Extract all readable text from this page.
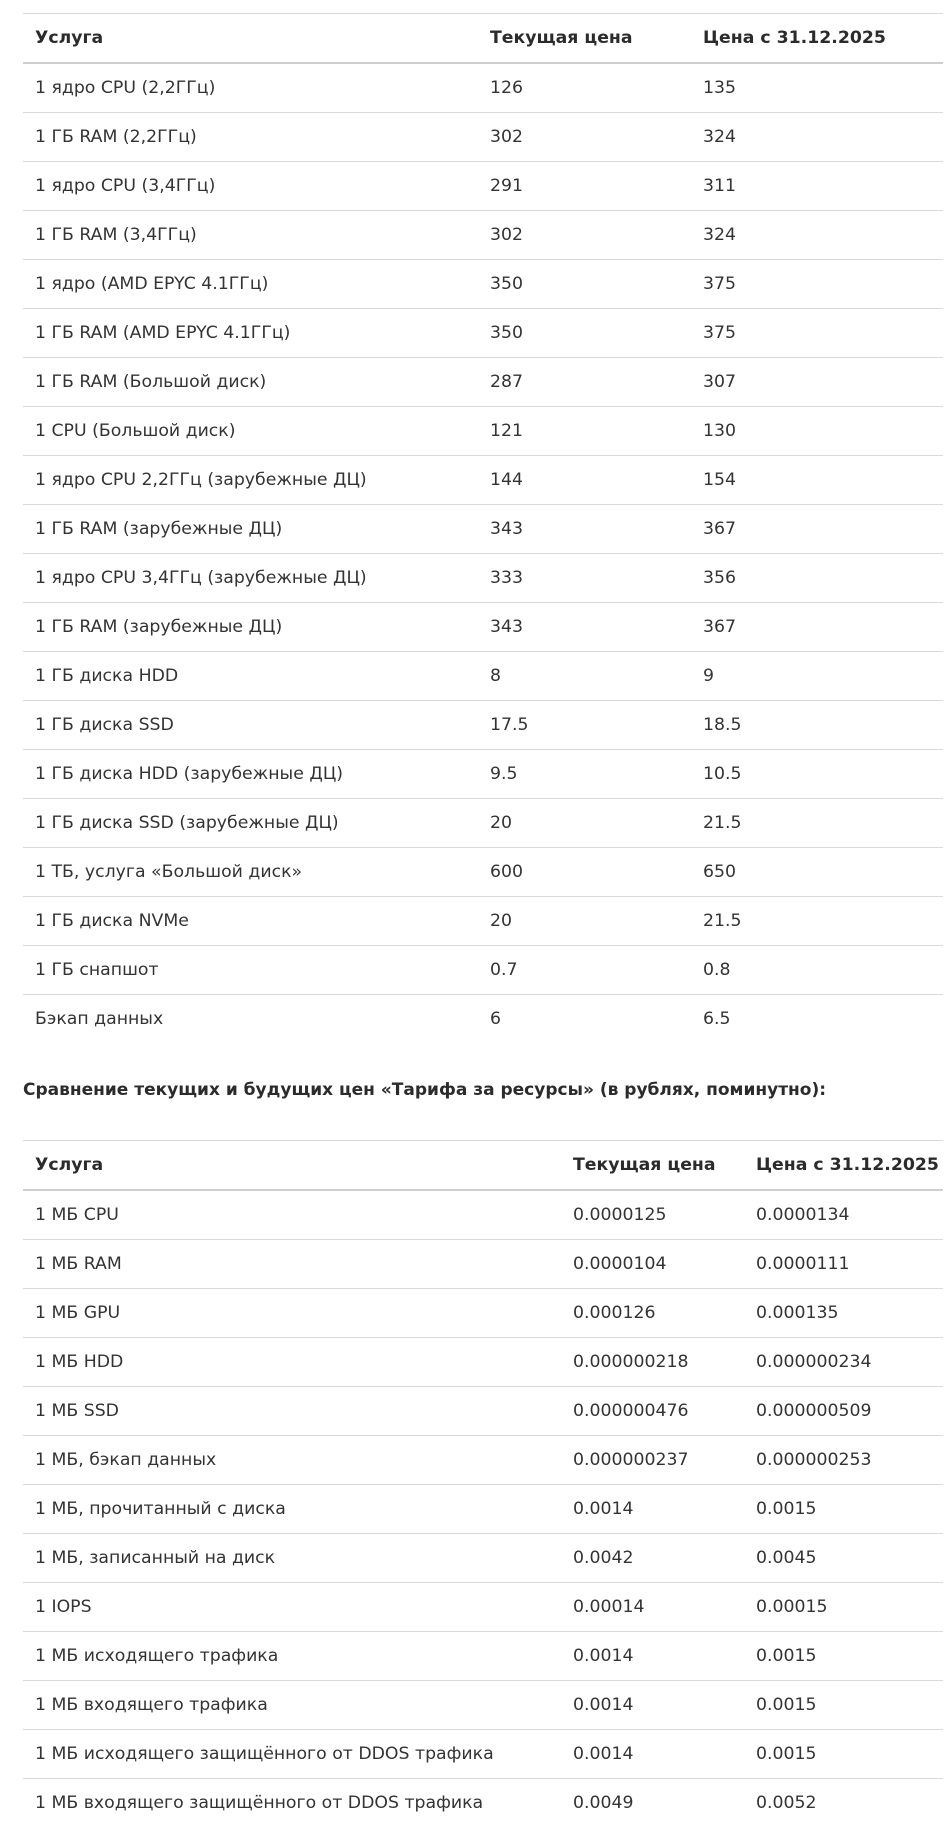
Услуга	Текущая цена	Цена с 31.12.2025
1 ядро CPU (2,2ГГц)	126	135
1 ГБ RAM (2,2ГГц)	302	324
1 ядро CPU (3,4ГГц)	291	311
1 ГБ RAM (3,4ГГц)	302	324
1 ядро (AMD EPYC 4.1ГГц)	350	375
1 ГБ RAM (AMD EPYC 4.1ГГц)	350	375
1 ГБ RAM (Большой диск)	287	307
1 CPU (Большой диск)	121	130
1 ядро CPU 2,2ГГц (зарубежные ДЦ)	144	154
1 ГБ RAM (зарубежные ДЦ)	343	367
1 ядро CPU 3,4ГГц (зарубежные ДЦ)	333	356
1 ГБ RAM (зарубежные ДЦ)	343	367
1 ГБ диска HDD	8	9
1 ГБ диска SSD	17.5	18.5
1 ГБ диска HDD (зарубежные ДЦ)	9.5	10.5
1 ГБ диска SSD (зарубежные ДЦ)	20	21.5
1 ТБ, услуга «Большой диск»	600	650
1 ГБ диска NVMe	20	21.5
1 ГБ снапшот	0.7	0.8
Бэкап данных	6	6.5
Сравнение текущих и будущих цен «Тарифа за ресурсы» (в рублях, поминутно):
Услуга	Текущая цена	Цена с 31.12.2025
1 МБ CPU	0.0000125	0.0000134
1 МБ RAM	0.0000104	0.0000111
1 МБ GPU	0.000126	0.000135
1 МБ HDD	0.000000218	0.000000234
1 МБ SSD	0.000000476	0.000000509
1 МБ, бэкап данных	0.000000237	0.000000253
1 МБ, прочитанный с диска	0.0014	0.0015
1 МБ, записанный на диск	0.0042	0.0045
1 IOPS	0.00014	0.00015
1 МБ исходящего трафика	0.0014	0.0015
1 МБ входящего трафика	0.0014	0.0015
1 МБ исходящего защищённого от DDOS трафика	0.0014	0.0015
1 МБ входящего защищённого от DDOS трафика	0.0049	0.0052
